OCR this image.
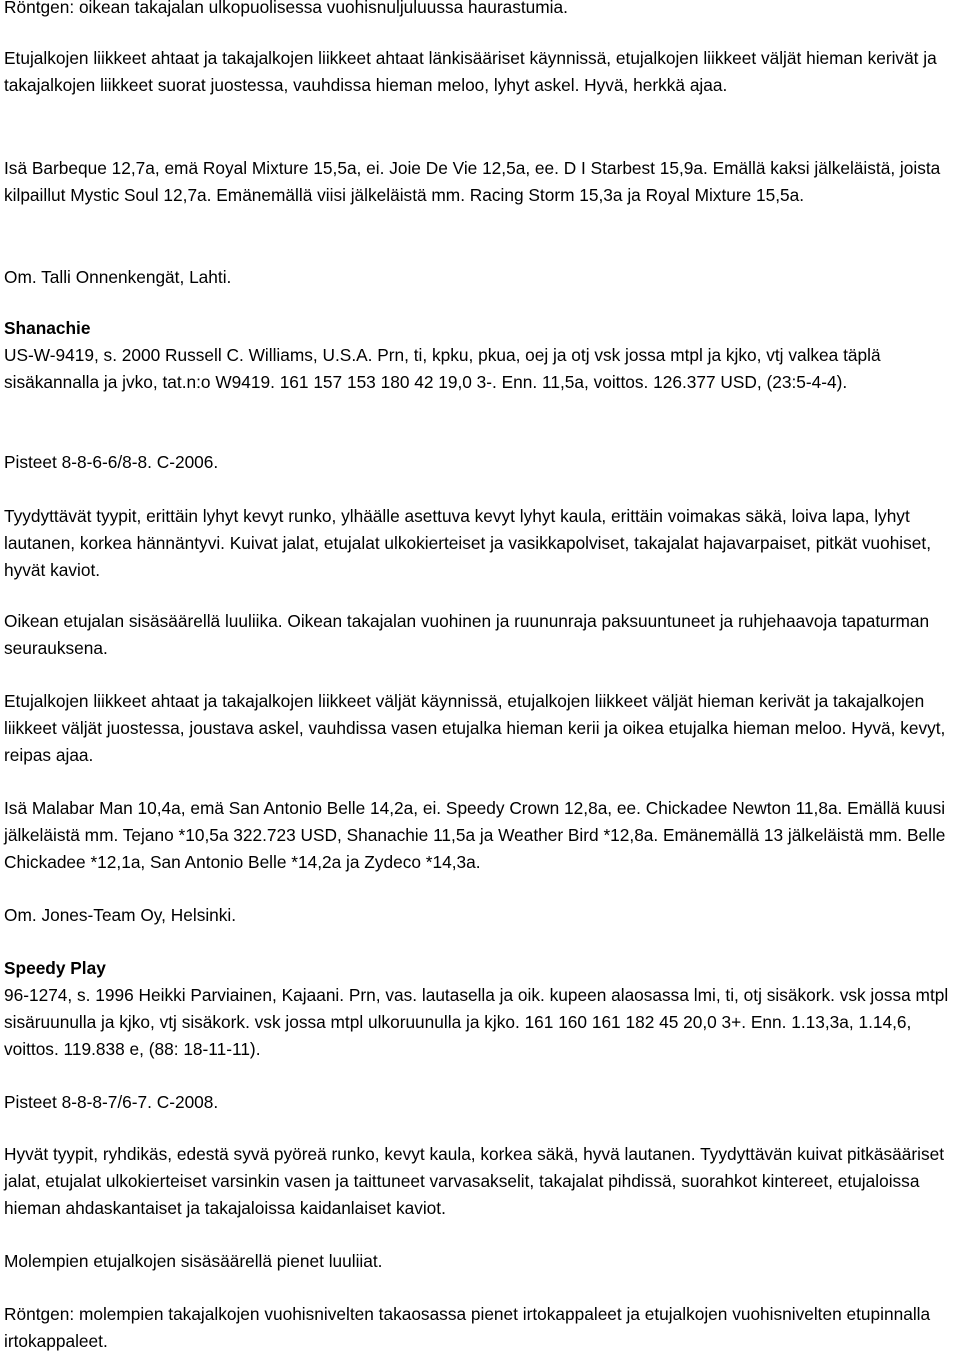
Röntgen: oikean takajalan ulkopuolisessa vuohisnuljuluussa haurastumia.

Etujalkojen liikkeet ahtaat ja takajalkojen liikkeet ahtaat länkisääriset käynnissä, etujalkojen liikkeet väljät hieman kerivät ja takajalkojen liikkeet suorat juostessa, vauhdissa hieman meloo, lyhyt askel. Hyvä, herkkä ajaa.

Isä Barbeque 12,7a, emä Royal Mixture 15,5a, ei. Joie De Vie 12,5a, ee. D I Starbest 15,9a. Emällä kaksi jälkeläistä, joista kilpaillut Mystic Soul 12,7a. Emänemällä viisi jälkeläistä mm. Racing Storm 15,3a ja Royal Mixture 15,5a.

Om. Talli Onnenkengät, Lahti.

Shanachie

US-W-9419, s. 2000 Russell C. Williams, U.S.A. Prn, ti, kpku, pkua, oej ja otj vsk jossa mtpl ja kjko, vtj valkea täplä sisäkannalla ja jvko, tat.n:o W9419. 161 157 153 180 42 19,0 3-. Enn. 11,5a, voittos. 126.377 USD, (23:5-4-4).

Pisteet 8-8-6-6/8-8. C-2006.

Tyydyttävät tyypit, erittäin lyhyt kevyt runko, ylhäälle asettuva kevyt lyhyt kaula, erittäin voimakas säkä, loiva lapa, lyhyt lautanen, korkea hännäntyvi. Kuivat jalat, etujalat ulkokierteiset ja vasikkapolviset, takajalat hajavarpaiset, pitkät vuohiset, hyvät kaviot.

Oikean etujalan sisäsäärellä luuliika. Oikean takajalan vuohinen ja ruununraja paksuuntuneet ja ruhjehaavoja tapaturman seurauksena.

Etujalkojen liikkeet ahtaat ja takajalkojen liikkeet väljät käynnissä, etujalkojen liikkeet väljät hieman kerivät ja takajalkojen liikkeet väljät juostessa, joustava askel, vauhdissa vasen etujalka hieman kerii ja oikea etujalka hieman meloo. Hyvä, kevyt, reipas ajaa.

Isä Malabar Man 10,4a, emä San Antonio Belle 14,2a, ei. Speedy Crown 12,8a, ee. Chickadee Newton 11,8a. Emällä kuusi jälkeläistä mm. Tejano *10,5a 322.723 USD, Shanachie 11,5a ja Weather Bird *12,8a. Emänemällä 13 jälkeläistä mm. Belle Chickadee *12,1a, San Antonio Belle *14,2a ja Zydeco *14,3a.

Om. Jones-Team Oy, Helsinki.

Speedy Play

96-1274, s. 1996 Heikki Parviainen, Kajaani. Prn, vas. lautasella ja oik. kupeen alaosassa lmi, ti, otj sisäkork. vsk jossa mtpl sisäruunulla ja kjko, vtj sisäkork. vsk jossa mtpl ulkoruunulla ja kjko. 161 160 161 182 45 20,0 3+. Enn. 1.13,3a, 1.14,6, voittos. 119.838 e, (88: 18-11-11).

Pisteet 8-8-8-7/6-7. C-2008.

Hyvät tyypit, ryhdikäs, edestä syvä pyöreä runko, kevyt kaula, korkea säkä, hyvä lautanen. Tyydyttävän kuivat pitkäsääriset jalat, etujalat ulkokierteiset varsinkin vasen ja taittuneet varvasakselit, takajalat pihdissä, suorahkot kintereet, etujaloissa hieman ahdaskantaiset ja takajaloissa kaidanlaiset kaviot.

Molempien etujalkojen sisäsäärellä pienet luuliiat.

Röntgen: molempien takajalkojen vuohisnivelten takaosassa pienet irtokappaleet ja etujalkojen vuohisnivelten etupinnalla irtokappaleet.
